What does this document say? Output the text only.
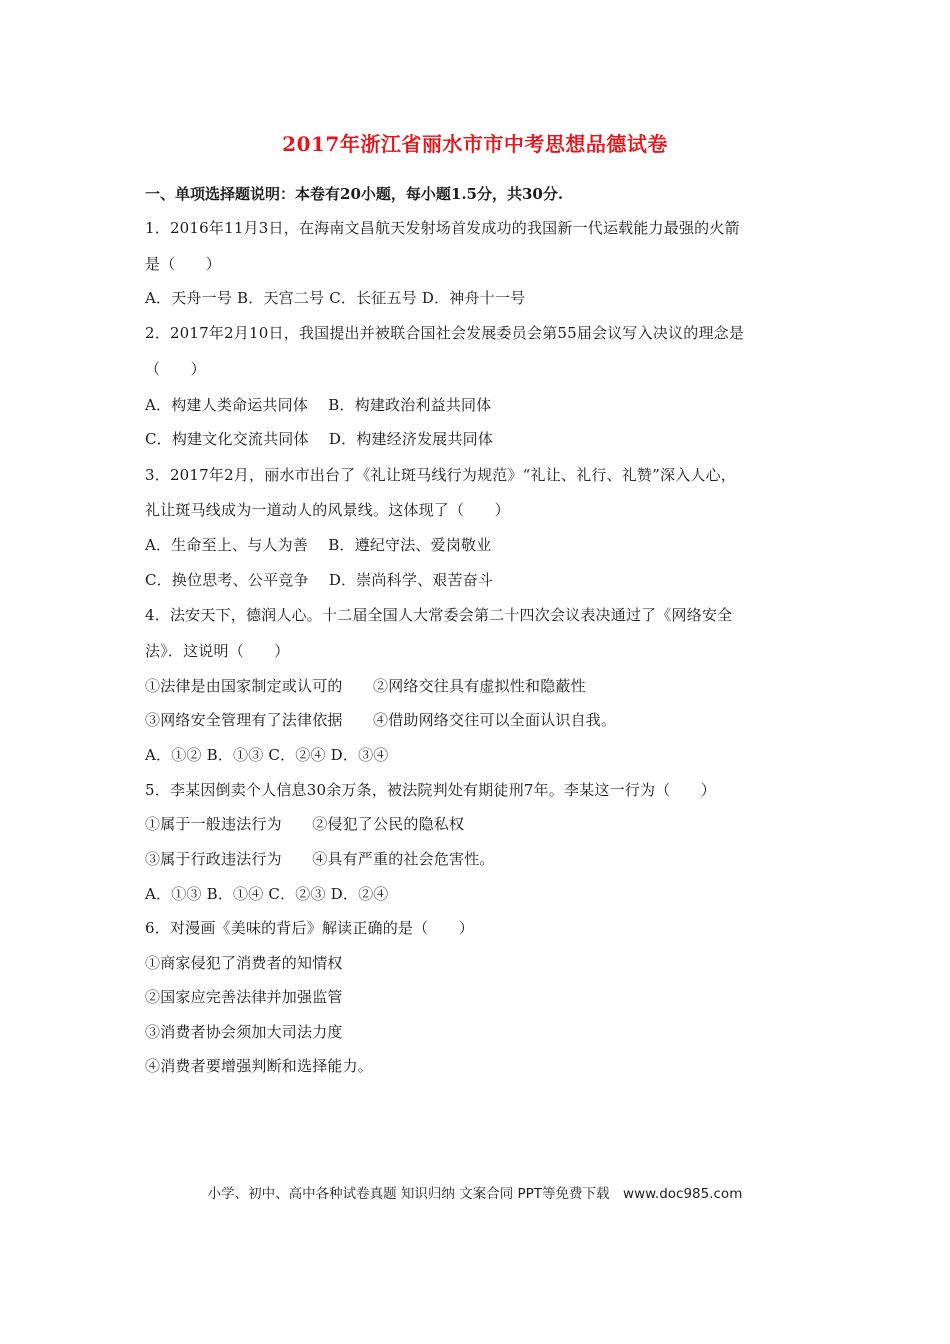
2017年浙江省丽水市市中考思想品德试卷
一、单项选择题说明：本卷有20小题，每小题1.5分，共30分.
1．2016年11月3日，在海南文昌航天发射场首发成功的我国新一代运载能力最强的火箭
是（　　）
A．天舟一号 B．天宫二号 C．长征五号 D．神舟十一号
2．2017年2月10日，我国提出并被联合国社会发展委员会第55届会议写入决议的理念是
（　　）
A．构建人类命运共同体　 B．构建政治利益共同体
C．构建文化交流共同体　 D．构建经济发展共同体
3．2017年2月，丽水市出台了《礼让斑马线行为规范》“礼让、礼行、礼赞”深入人心，
礼让斑马线成为一道动人的风景线。这体现了（　　）
A．生命至上、与人为善　 B．遵纪守法、爱岗敬业
C．换位思考、公平竞争　 D．崇尚科学、艰苦奋斗
4．法安天下，德润人心。十二届全国人大常委会第二十四次会议表决通过了《网络安全
法》．这说明（　　）
①法律是由国家制定或认可的　　②网络交往具有虚拟性和隐蔽性
③网络安全管理有了法律依据　　④借助网络交往可以全面认识自我。
A．①② B．①③ C．②④ D．③④
5．李某因倒卖个人信息30余万条，被法院判处有期徒刑7年。李某这一行为（　　）
①属于一般违法行为　　②侵犯了公民的隐私权
③属于行政违法行为　　④具有严重的社会危害性。
A．①③ B．①④ C．②③ D．②④
6．对漫画《美味的背后》解读正确的是（　　）
①商家侵犯了消费者的知情权
②国家应完善法律并加强监管
③消费者协会须加大司法力度
④消费者要增强判断和选择能力。
小学、初中、高中各种试卷真题 知识归纳 文案合同 PPT等免费下载　www.doc985.com
